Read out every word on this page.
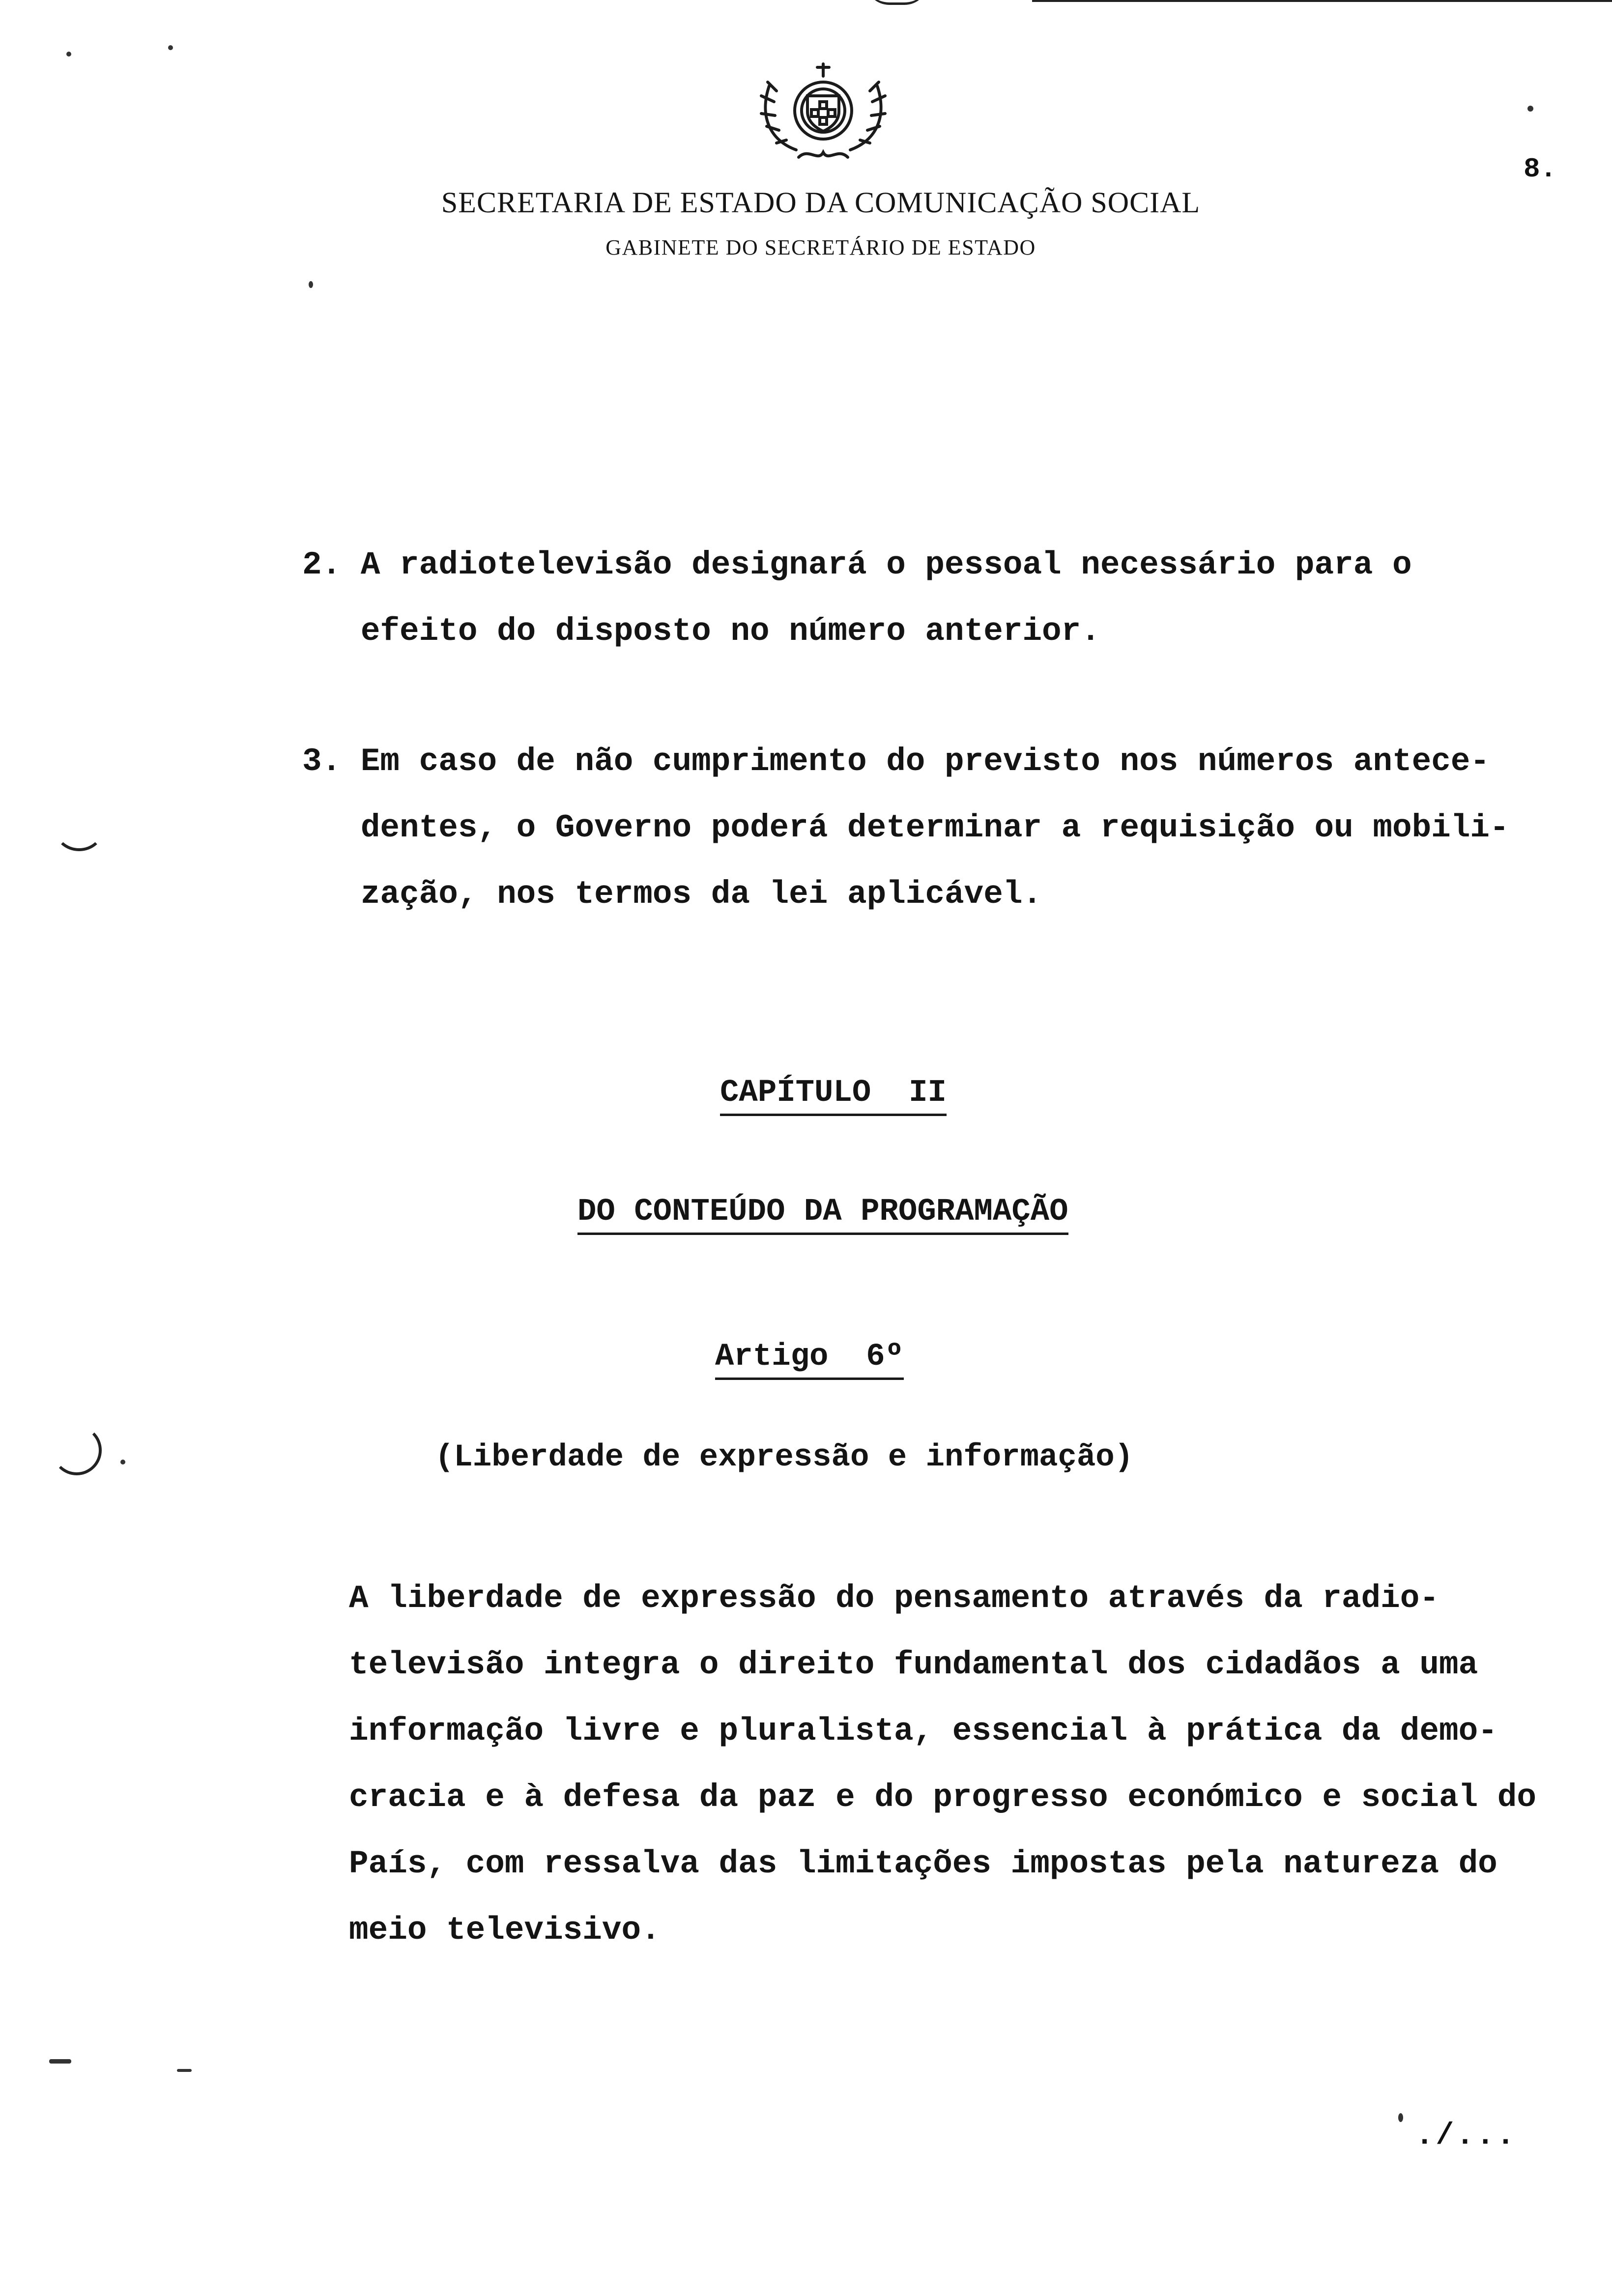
SECRETARIA DE ESTADO DA COMUNICAÇÃO SOCIAL
GABINETE DO SECRETÁRIO DE ESTADO
8.
2. A radiotelevisão designará o pessoal necessário para o
efeito do disposto no número anterior.
3. Em caso de não cumprimento do previsto nos números antece-
dentes, o Governo poderá determinar a requisição ou mobili-
zação, nos termos da lei aplicável.
CAPÍTULO  II
DO CONTEÚDO DA PROGRAMAÇÃO
Artigo  6º
(Liberdade de expressão e informação)
A liberdade de expressão do pensamento através da radio-
televisão integra o direito fundamental dos cidadãos a uma
informação livre e pluralista, essencial à prática da demo-
cracia e à defesa da paz e do progresso económico e social do
País, com ressalva das limitações impostas pela natureza do
meio televisivo.
./...
